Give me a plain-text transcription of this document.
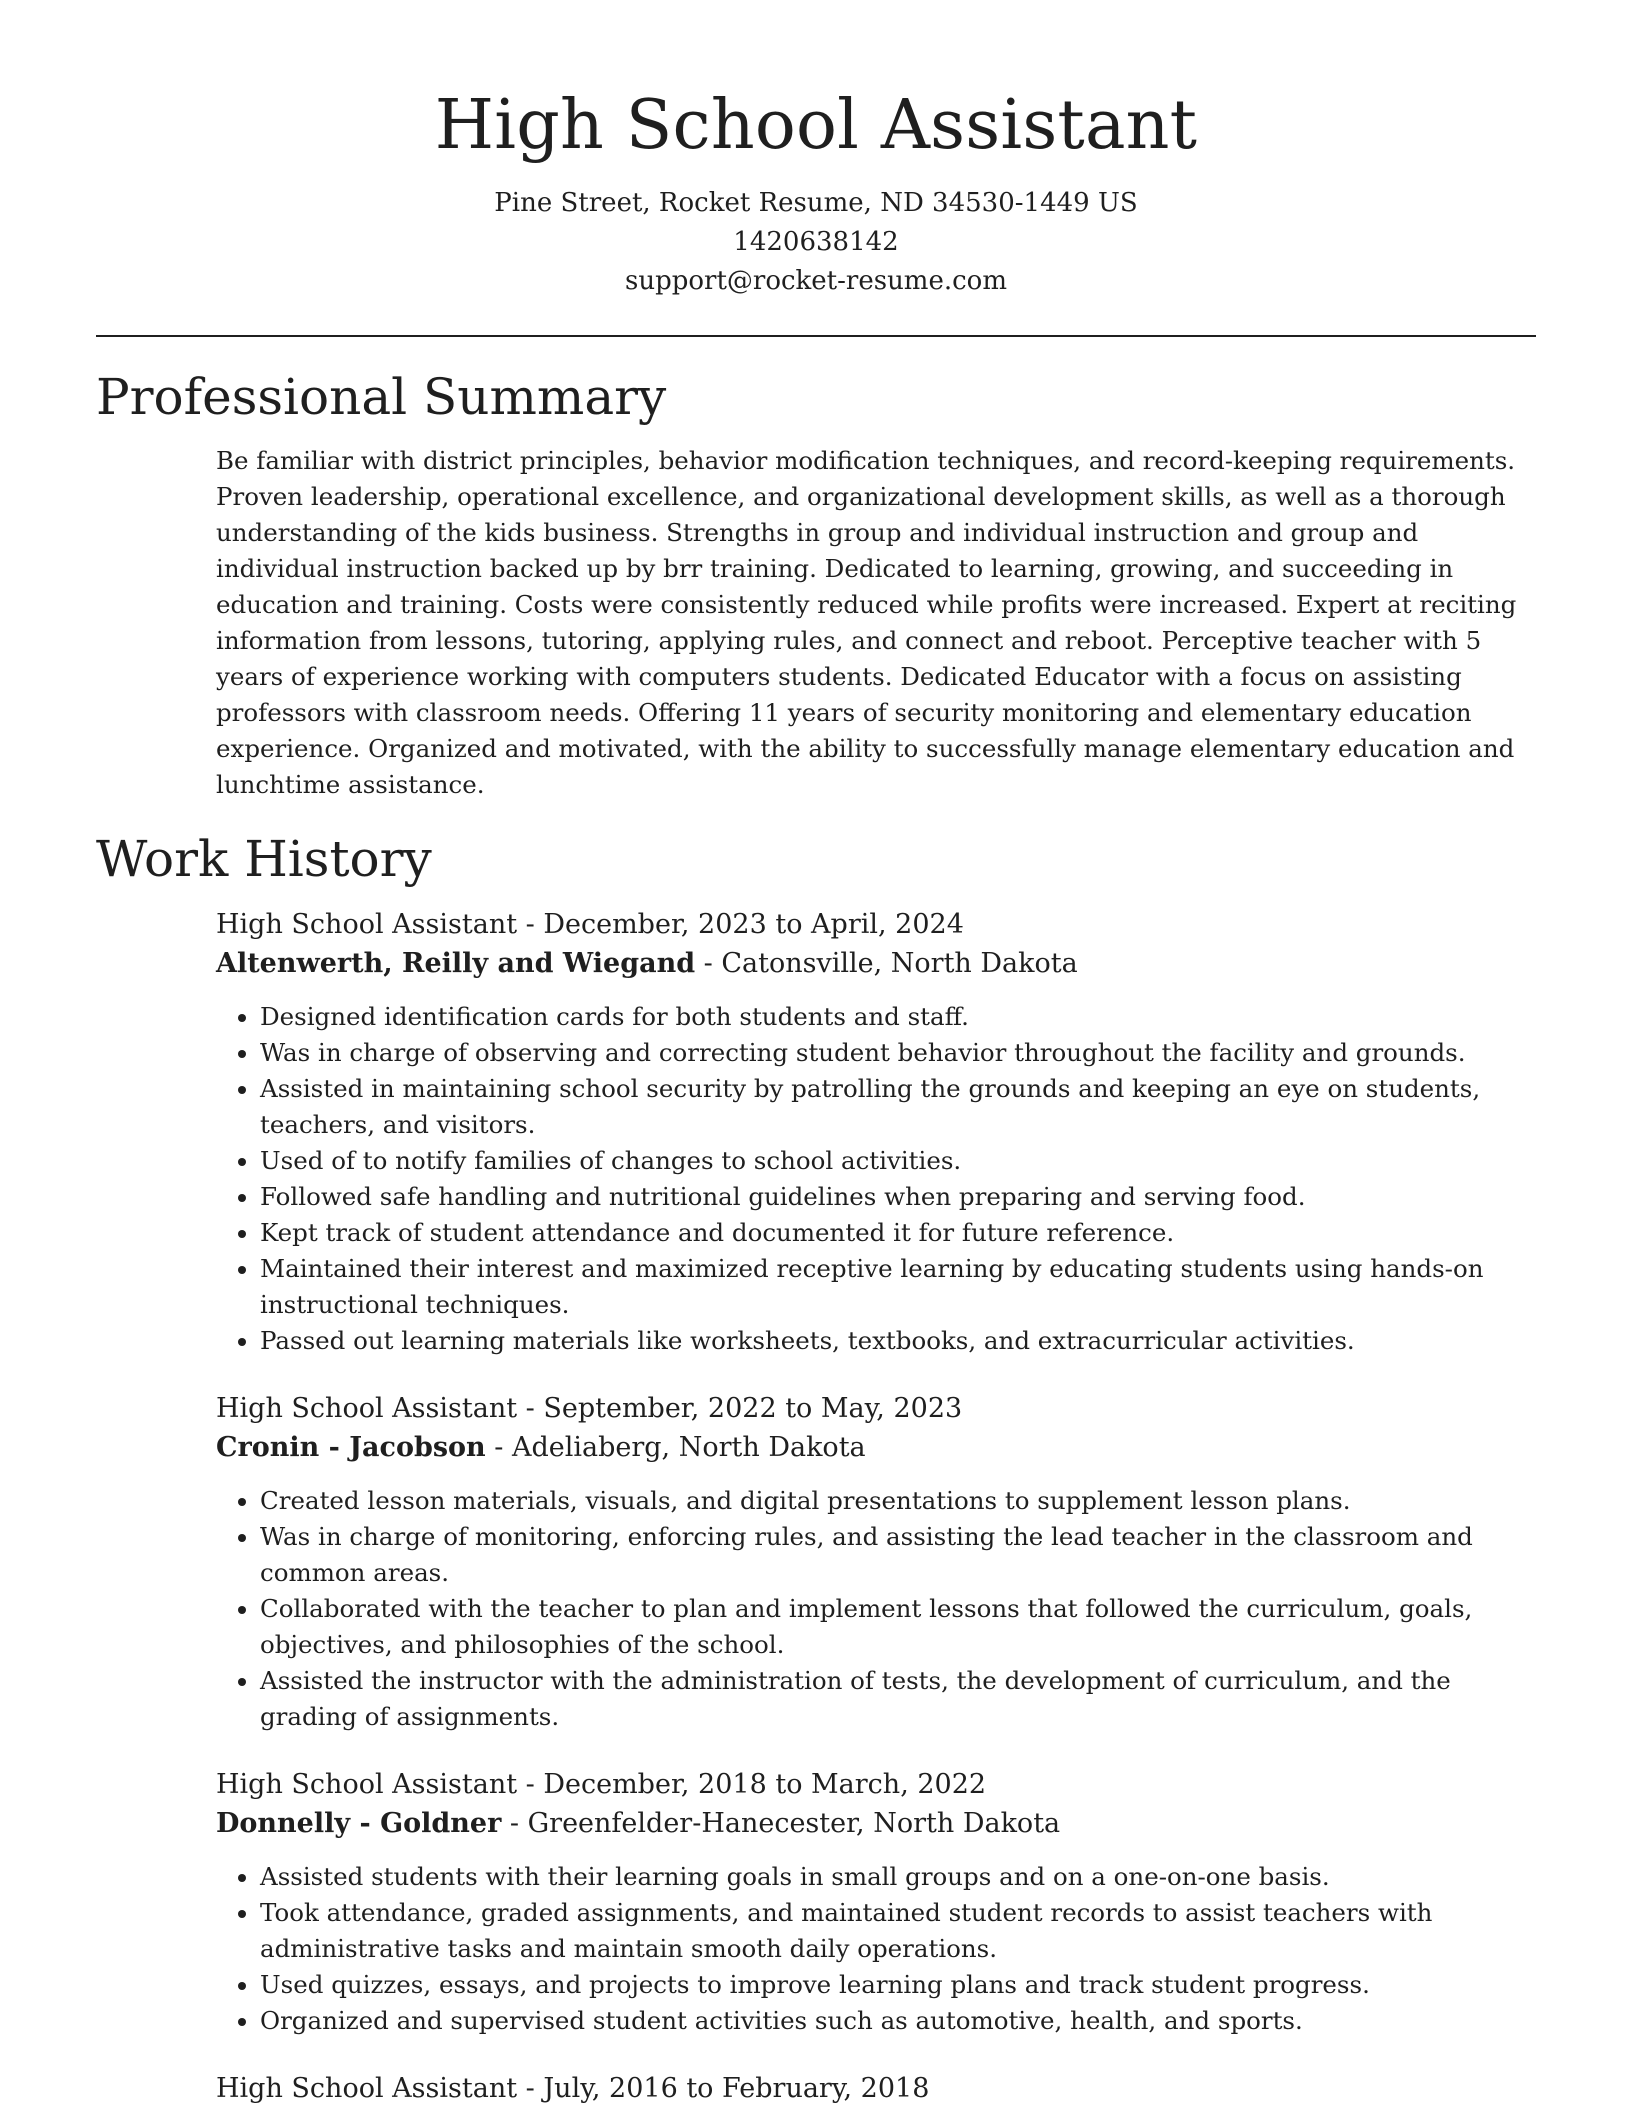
High School Assistant
Pine Street, Rocket Resume, ND 34530-1449 US
1420638142
support@rocket-resume.com
Professional Summary

Be familiar with district principles, behavior modification techniques, and record-keeping requirements. Proven leadership, operational excellence, and organizational development skills, as well as a thorough understanding of the kids business. Strengths in group and individual instruction and group and individual instruction backed up by brr training. Dedicated to learning, growing, and succeeding in education and training. Costs were consistently reduced while profits were increased. Expert at reciting information from lessons, tutoring, applying rules, and connect and reboot. Perceptive teacher with 5 years of experience working with computers students. Dedicated Educator with a focus on assisting professors with classroom needs. Offering 11 years of security monitoring and elementary education experience. Organized and motivated, with the ability to successfully manage elementary education and lunchtime assistance.

Work History
High School Assistant - December, 2023 to April, 2024
Altenwerth, Reilly and Wiegand - Catonsville, North Dakota
• Designed identification cards for both students and staff.
• Was in charge of observing and correcting student behavior throughout the facility and grounds.
• Assisted in maintaining school security by patrolling the grounds and keeping an eye on students, teachers, and visitors.
• Used of to notify families of changes to school activities.
• Followed safe handling and nutritional guidelines when preparing and serving food.
• Kept track of student attendance and documented it for future reference.
• Maintained their interest and maximized receptive learning by educating students using hands-on instructional techniques.
• Passed out learning materials like worksheets, textbooks, and extracurricular activities.
High School Assistant - September, 2022 to May, 2023
Cronin - Jacobson - Adeliaberg, North Dakota
• Created lesson materials, visuals, and digital presentations to supplement lesson plans.
• Was in charge of monitoring, enforcing rules, and assisting the lead teacher in the classroom and common areas.
• Collaborated with the teacher to plan and implement lessons that followed the curriculum, goals, objectives, and philosophies of the school.
• Assisted the instructor with the administration of tests, the development of curriculum, and the grading of assignments.
High School Assistant - December, 2018 to March, 2022
Donnelly - Goldner - Greenfelder-Hanecester, North Dakota
• Assisted students with their learning goals in small groups and on a one-on-one basis.
• Took attendance, graded assignments, and maintained student records to assist teachers with administrative tasks and maintain smooth daily operations.
• Used quizzes, essays, and projects to improve learning plans and track student progress.
• Organized and supervised student activities such as automotive, health, and sports.
High School Assistant - July, 2016 to February, 2018
